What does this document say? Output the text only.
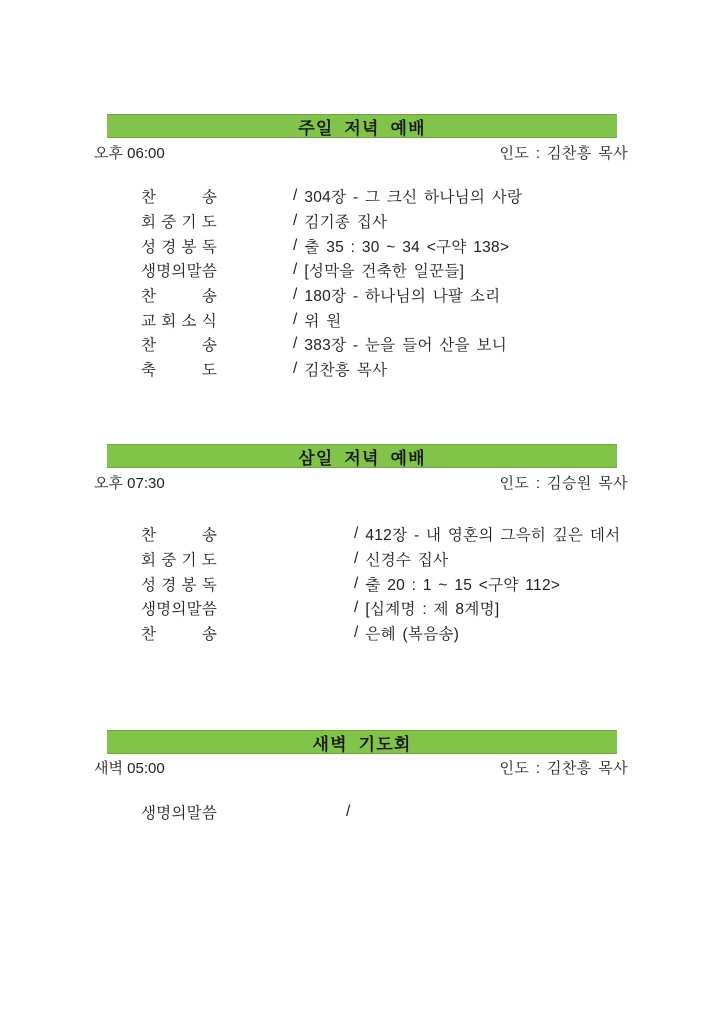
주일 저녁 예배
오후 06:00	인도 : 김찬흥 목사
찬	송	/ 304장 - 그 크신 하나님의 사랑
회 중 기 도	/ 김기종 집사
성 경 봉 독	/ 출 35 : 30 ~ 34 <구약 138>
생명의 말씀	/ [성막을 건축한 일꾼들]
찬	송	/ 180장 - 하나님의 나팔 소리
교 회 소 식	/ 위 원
찬	송	/ 383장 - 눈을 들어 산을 보니
축	도	/ 김찬흥 목사
삼일 저녁 예배
오후 07:30	인도 : 김승원 목사
찬	송	/ 412장 - 내 영혼의 그윽히 깊은 데서
회 중 기 도	/ 신경수 집사
성 경 봉 독	/ 출 20 : 1 ~ 15 <구약 112>
생명의 말씀	/ [십계명 : 제 8계명]
찬	송	/ 은혜 (복음송)
새벽 기도회
새벽 05:00	인도 : 김찬흥 목사
생명의 말씀	/
